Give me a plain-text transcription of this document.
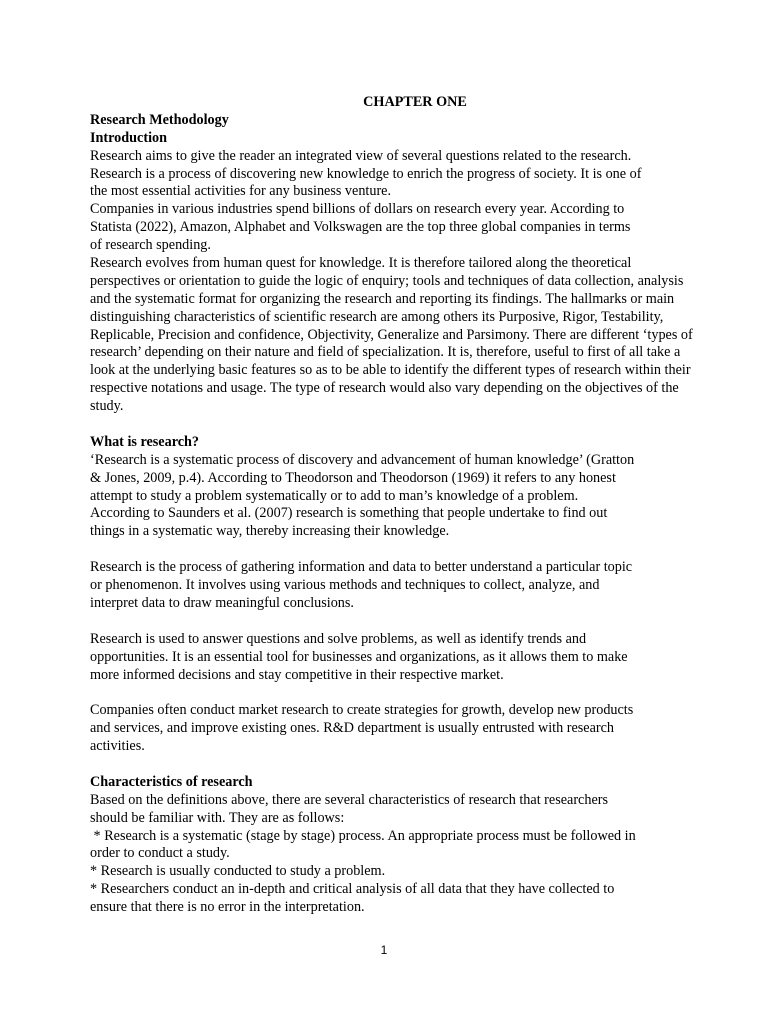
CHAPTER ONE
Research Methodology
Introduction
Research aims to give the reader an integrated view of several questions related to the research.
Research is a process of discovering new knowledge to enrich the progress of society. It is one of
the most essential activities for any business venture.
Companies in various industries spend billions of dollars on research every year. According to
Statista (2022), Amazon, Alphabet and Volkswagen are the top three global companies in terms
of research spending.
Research evolves from human quest for knowledge. It is therefore tailored along the theoretical
perspectives or orientation to guide the logic of enquiry; tools and techniques of data collection, analysis
and the systematic format for organizing the research and reporting its findings. The hallmarks or main
distinguishing characteristics of scientific research are among others its Purposive, Rigor, Testability,
Replicable, Precision and confidence, Objectivity, Generalize and Parsimony. There are different ‘types of
research’ depending on their nature and field of specialization. It is, therefore, useful to first of all take a
look at the underlying basic features so as to be able to identify the different types of research within their
respective notations and usage. The type of research would also vary depending on the objectives of the
study.
What is research?
‘Research is a systematic process of discovery and advancement of human knowledge’ (Gratton
& Jones, 2009, p.4). According to Theodorson and Theodorson (1969) it refers to any honest
attempt to study a problem systematically or to add to man’s knowledge of a problem.
According to Saunders et al. (2007) research is something that people undertake to find out
things in a systematic way, thereby increasing their knowledge.
Research is the process of gathering information and data to better understand a particular topic
or phenomenon. It involves using various methods and techniques to collect, analyze, and
interpret data to draw meaningful conclusions.
Research is used to answer questions and solve problems, as well as identify trends and
opportunities. It is an essential tool for businesses and organizations, as it allows them to make
more informed decisions and stay competitive in their respective market.
Companies often conduct market research to create strategies for growth, develop new products
and services, and improve existing ones. R&D department is usually entrusted with research
activities.
Characteristics of research
Based on the definitions above, there are several characteristics of research that researchers
should be familiar with. They are as follows:
* Research is a systematic (stage by stage) process. An appropriate process must be followed in
order to conduct a study.
* Research is usually conducted to study a problem.
* Researchers conduct an in-depth and critical analysis of all data that they have collected to
ensure that there is no error in the interpretation.
1
